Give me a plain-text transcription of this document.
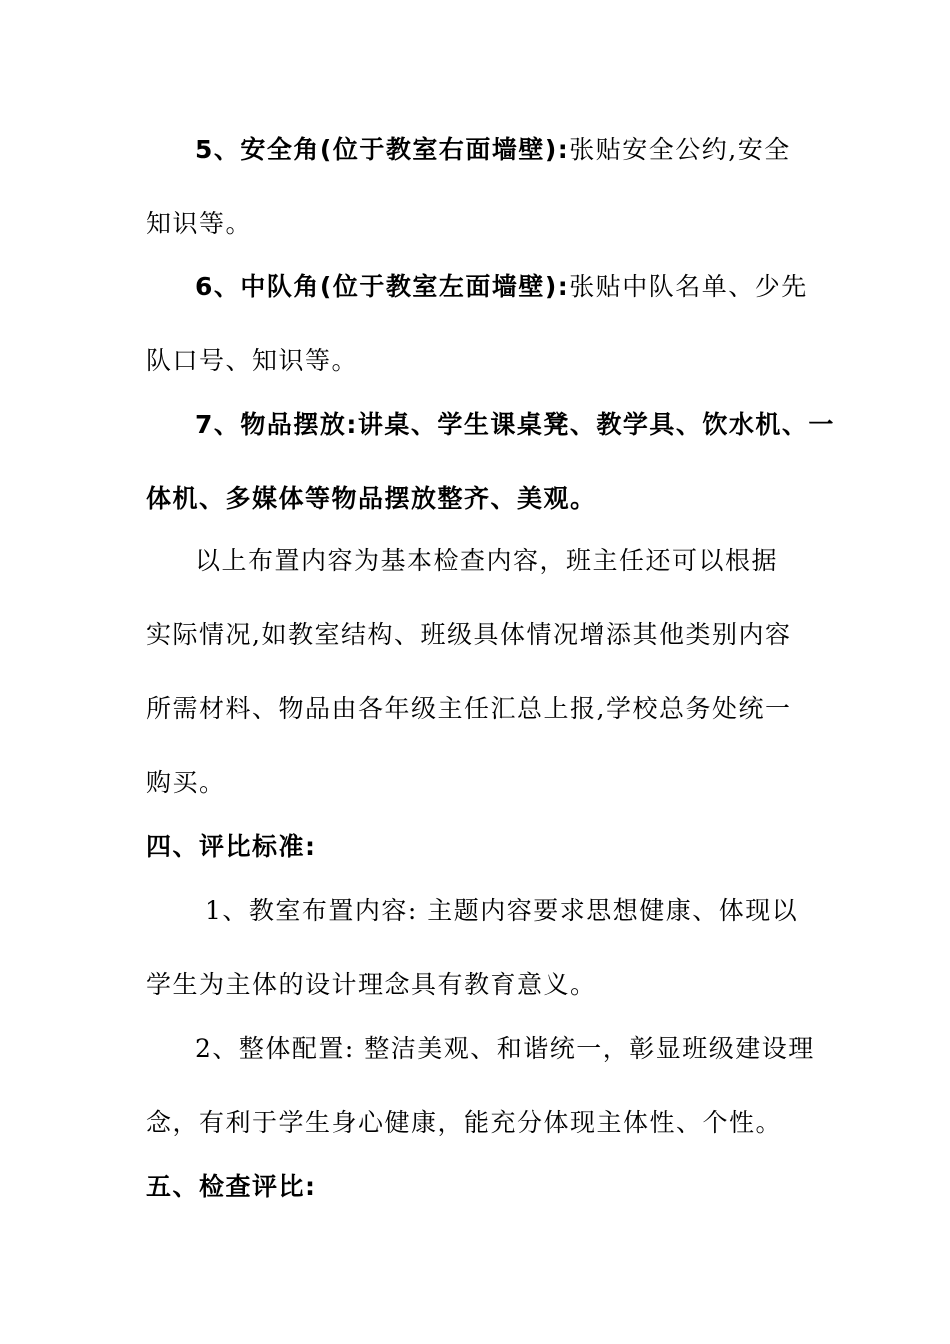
5、安全角(位于教室右面墙壁):张贴安全公约,安全
知识等。
6、中队角(位于教室左面墙壁):张贴中队名单、少先
队口号、知识等。
7、物品摆放:讲桌、学生课桌凳、教学具、饮水机、一
体机、多媒体等物品摆放整齐、美观。
以上布置内容为基本检查内容，班主任还可以根据
实际情况,如教室结构、班级具体情况增添其他类别内容
所需材料、物品由各年级主任汇总上报,学校总务处统一
购买。
四、评比标准:
1、教室布置内容: 主题内容要求思想健康、体现以
学生为主体的设计理念具有教育意义。
2、整体配置: 整洁美观、和谐统一，彰显班级建设理
念，有利于学生身心健康，能充分体现主体性、个性。
五、检查评比:
